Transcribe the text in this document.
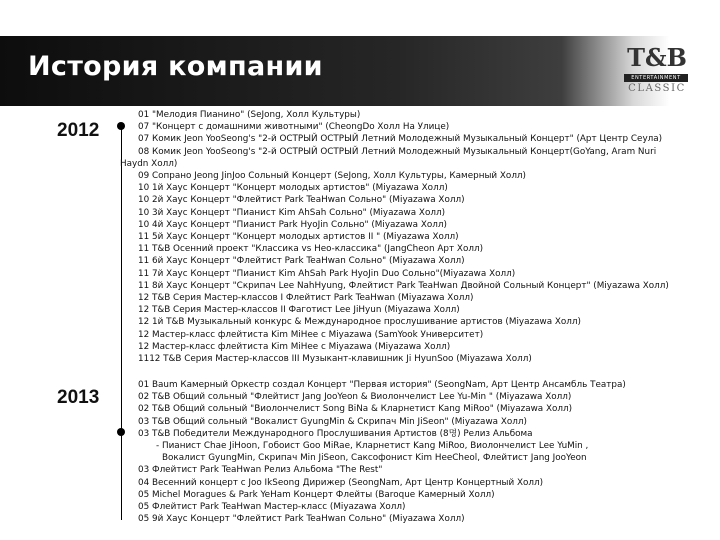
История компании	T&B
ENTERTAINMENT
CLASSIC
2012
01 "Мелодия Пианино" (SeJong, Холл Культуры)
07 "Концерт с домашними животными" (CheongDo Холл На Улице)
07 Комик Jeon YooSeong's "2-й ОСТРЫЙ ОСТРЫЙ Летний Молодежный Музыкальный Концерт" (Арт Центр Сеула)
08 Комик Jeon YooSeong's "2-й ОСТРЫЙ ОСТРЫЙ Летний Молодежный Музыкальный Концерт(GoYang, Aram Nuri
Haydn Холл)
09 Сопрано Jeong JinJoo Сольный Концерт (SeJong, Холл Культуры, Камерный Холл)
10 1й Хаус Концерт "Концерт молодых артистов" (Miyazawa Холл)
10 2й Хаус Концерт "Флейтист Park TeaHwan Сольно" (Miyazawa Холл)
10 3й Хаус Концерт "Пианист Kim AhSah Сольно" (Miyazawa Холл)
10 4й Хаус Концерт "Пианист Park HyoJin Сольно" (Miyazawa Холл)
11 5й Хаус Концерт "Концерт молодых артистов II " (Miyazawa Холл)
11 T&B Осенний проект "Классика vs Нео-классика" (JangCheon Арт Холл)
11 6й Хаус Концерт "Флейтист Park TeaHwan Сольно" (Miyazawa Холл)
11 7й Хаус Концерт "Пианист Kim AhSah Park HyoJin Duo Сольно"(Miyazawa Холл)
11 8й Хаус Концерт "Скрипач Lee NahHyung, Флейтист Park TeaHwan Двойной Сольный Концерт" (Miyazawa Холл)
12 T&B Серия Мастер-классов I Флейтист Park TeaHwan (Miyazawa Холл)
12 T&B Серия Мастер-классов II Фаготист Lee JiHyun (Miyazawa Холл)
12 1й T&B Музыкальный конкурс & Международное прослушивание артистов (Miyazawa Холл)
12 Мастер-класс флейтиста Kim MiHee с Miyazawa (SamYook Университет)
12 Мастер-класс флейтиста Kim MiHee с Miyazawa (Miyazawa Холл)
1112 T&B Серия Мастер-классов III Музыкант-клавишник Ji HyunSoo (Miyazawa Холл)
2013
01 Baum Камерный Оркестр создал Концерт "Первая история" (SeongNam, Арт Центр Ансамбль Театра)
02 T&B Общий сольный "Флейтист Jang JooYeon & Виолончелист Lee Yu-Min " (Miyazawa Холл)
02 T&B Общий сольный "Виолончелист Song BiNa & Кларнетист Kang MiRoo" (Miyazawa Холл)
03 T&B Общий сольный "Вокалист GyungMin & Скрипач Min JiSeon" (Miyazawa Холл)
03 T&B Победители Международного Прослушивания Артистов (8명) Релиз Альбома
- Пианист Chae JiHoon, Гобоист Goo MiRae, Кларнетист Kang MiRoo, Виолончелист Lee YuMin ,
Вокалист GyungMin, Скрипач Min JiSeon, Саксофонист Kim HeeCheol, Флейтист Jang JooYeon
03 Флейтист Park TeaHwan Релиз Альбома "The Rest"
04 Весенний концерт с Joo IkSeong Дирижер (SeongNam, Арт Центр Концертный Холл)
05 Michel Moragues & Park YeHam Концерт Флейты (Baroque Камерный Холл)
05 Флейтист Park TeaHwan Мастер-класс (Miyazawa Холл)
05 9й Хаус Концерт "Флейтист Park TeaHwan Сольно" (Miyazawa Холл)
